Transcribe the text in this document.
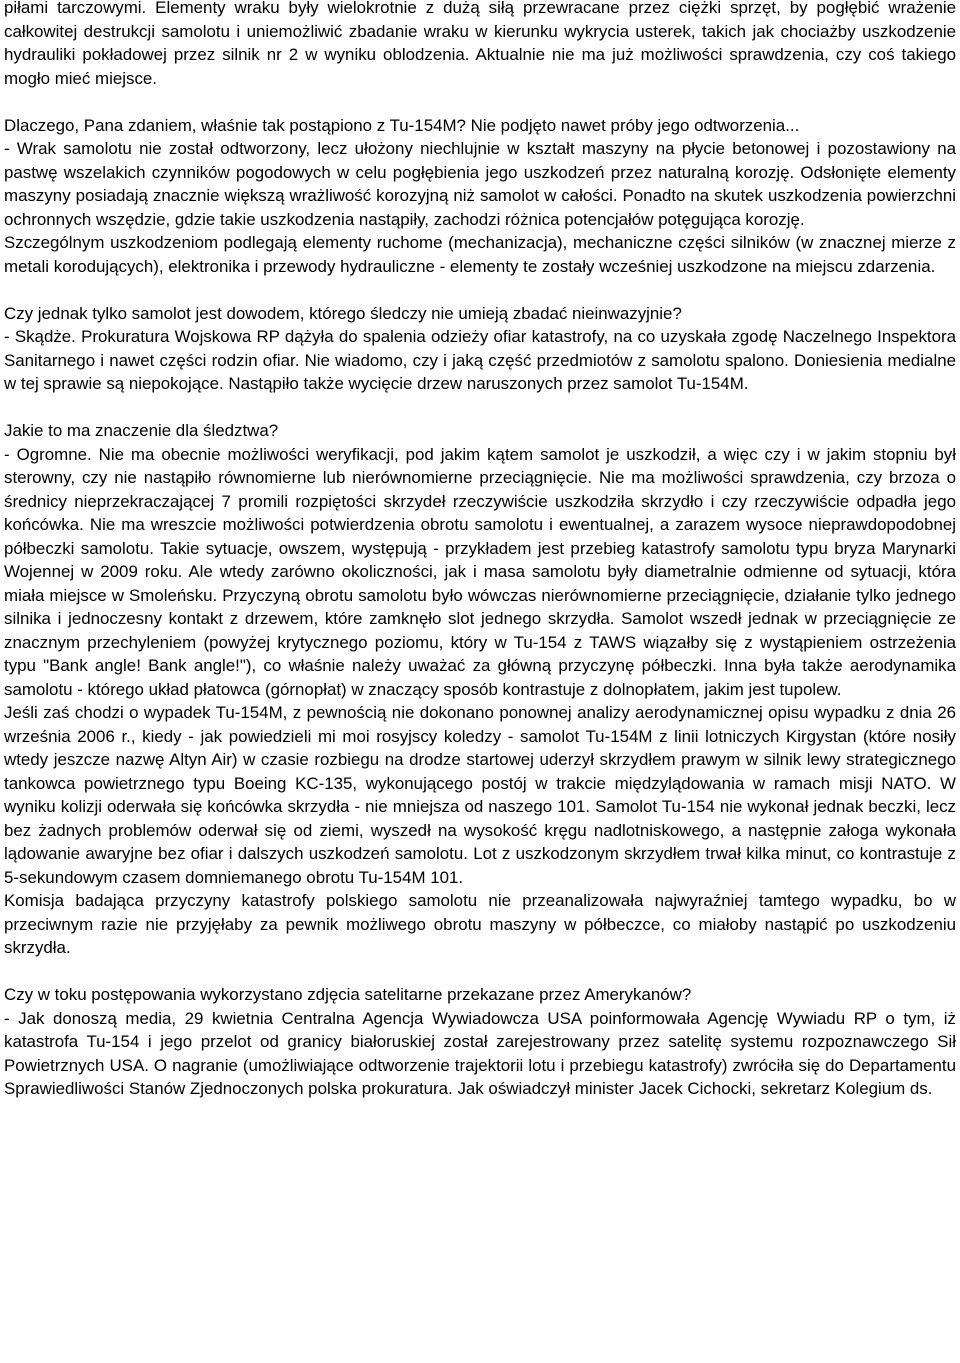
piłami tarczowymi. Elementy wraku były wielokrotnie z dużą siłą przewracane przez ciężki sprzęt, by pogłębić wrażenie całkowitej destrukcji samolotu i uniemożliwić zbadanie wraku w kierunku wykrycia usterek, takich jak chociażby uszkodzenie hydrauliki pokładowej przez silnik nr 2 w wyniku oblodzenia. Aktualnie nie ma już możliwości sprawdzenia, czy coś takiego mogło mieć miejsce.

Dlaczego, Pana zdaniem, właśnie tak postąpiono z Tu-154M? Nie podjęto nawet próby jego odtworzenia...

- Wrak samolotu nie został odtworzony, lecz ułożony niechlujnie w kształt maszyny na płycie betonowej i pozostawiony na pastwę wszelakich czynników pogodowych w celu pogłębienia jego uszkodzeń przez naturalną korozję. Odsłonięte elementy maszyny posiadają znacznie większą wrażliwość korozyjną niż samolot w całości. Ponadto na skutek uszkodzenia powierzchni ochronnych wszędzie, gdzie takie uszkodzenia nastąpiły, zachodzi różnica potencjałów potęgująca korozję.

Szczególnym uszkodzeniom podlegają elementy ruchome (mechanizacja), mechaniczne części silników (w znacznej mierze z metali korodujących), elektronika i przewody hydrauliczne - elementy te zostały wcześniej uszkodzone na miejscu zdarzenia.

Czy jednak tylko samolot jest dowodem, którego śledczy nie umieją zbadać nieinwazyjnie?

- Skądże. Prokuratura Wojskowa RP dążyła do spalenia odzieży ofiar katastrofy, na co uzyskała zgodę Naczelnego Inspektora Sanitarnego i nawet części rodzin ofiar. Nie wiadomo, czy i jaką część przedmiotów z samolotu spalono. Doniesienia medialne w tej sprawie są niepokojące. Nastąpiło także wycięcie drzew naruszonych przez samolot Tu-154M.

Jakie to ma znaczenie dla śledztwa?

- Ogromne. Nie ma obecnie możliwości weryfikacji, pod jakim kątem samolot je uszkodził, a więc czy i w jakim stopniu był sterowny, czy nie nastąpiło równomierne lub nierównomierne przeciągnięcie. Nie ma możliwości sprawdzenia, czy brzoza o średnicy nieprzekraczającej 7 promili rozpiętości skrzydeł rzeczywiście uszkodziła skrzydło i czy rzeczywiście odpadła jego końcówka. Nie ma wreszcie możliwości potwierdzenia obrotu samolotu i ewentualnej, a zarazem wysoce nieprawdopodobnej półbeczki samolotu. Takie sytuacje, owszem, występują - przykładem jest przebieg katastrofy samolotu typu bryza Marynarki Wojennej w 2009 roku. Ale wtedy zarówno okoliczności, jak i masa samolotu były diametralnie odmienne od sytuacji, która miała miejsce w Smoleńsku. Przyczyną obrotu samolotu było wówczas nierównomierne przeciągnięcie, działanie tylko jednego silnika i jednoczesny kontakt z drzewem, które zamknęło slot jednego skrzydła. Samolot wszedł jednak w przeciągnięcie ze znacznym przechyleniem (powyżej krytycznego poziomu, który w Tu-154 z TAWS wiązałby się z wystąpieniem ostrzeżenia typu "Bank angle! Bank angle!"), co właśnie należy uważać za główną przyczynę półbeczki. Inna była także aerodynamika samolotu - którego układ płatowca (górnopłat) w znaczący sposób kontrastuje z dolnopłatem, jakim jest tupolew.

Jeśli zaś chodzi o wypadek Tu-154M, z pewnością nie dokonano ponownej analizy aerodynamicznej opisu wypadku z dnia 26 września 2006 r., kiedy - jak powiedzieli mi moi rosyjscy koledzy - samolot Tu-154M z linii lotniczych Kirgystan (które nosiły wtedy jeszcze nazwę Altyn Air) w czasie rozbiegu na drodze startowej uderzył skrzydłem prawym w silnik lewy strategicznego tankowca powietrznego typu Boeing KC-135, wykonującego postój w trakcie międzylądowania w ramach misji NATO. W wyniku kolizji oderwała się końcówka skrzydła - nie mniejsza od naszego 101. Samolot Tu-154 nie wykonał jednak beczki, lecz bez żadnych problemów oderwał się od ziemi, wyszedł na wysokość kręgu nadlotniskowego, a następnie załoga wykonała lądowanie awaryjne bez ofiar i dalszych uszkodzeń samolotu. Lot z uszkodzonym skrzydłem trwał kilka minut, co kontrastuje z 5-sekundowym czasem domniemanego obrotu Tu-154M 101.

Komisja badająca przyczyny katastrofy polskiego samolotu nie przeanalizowała najwyraźniej tamtego wypadku, bo w przeciwnym razie nie przyjęłaby za pewnik możliwego obrotu maszyny w półbeczce, co miałoby nastąpić po uszkodzeniu skrzydła.

Czy w toku postępowania wykorzystano zdjęcia satelitarne przekazane przez Amerykanów?

- Jak donoszą media, 29 kwietnia Centralna Agencja Wywiadowcza USA poinformowała Agencję Wywiadu RP o tym, iż katastrofa Tu-154 i jego przelot od granicy białoruskiej został zarejestrowany przez satelitę systemu rozpoznawczego Sił Powietrznych USA. O nagranie (umożliwiające odtworzenie trajektorii lotu i przebiegu katastrofy) zwróciła się do Departamentu Sprawiedliwości Stanów Zjednoczonych polska prokuratura. Jak oświadczył minister Jacek Cichocki, sekretarz Kolegium ds.
